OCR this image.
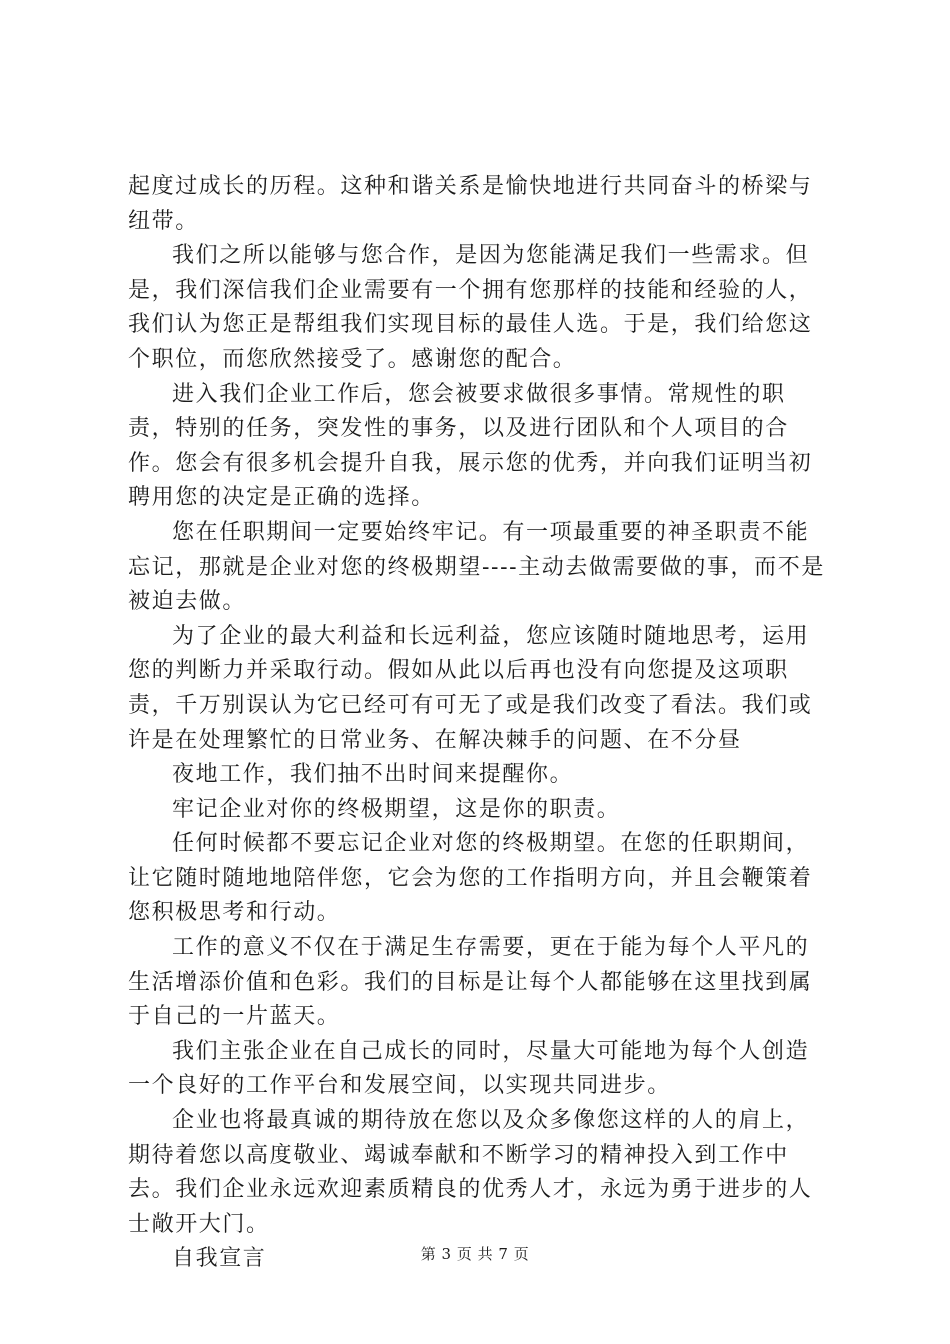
起度过成长的历程。这种和谐关系是愉快地进行共同奋斗的桥梁与纽带。

我们之所以能够与您合作，是因为您能满足我们一些需求。但是，我们深信我们企业需要有一个拥有您那样的技能和经验的人，我们认为您正是帮组我们实现目标的最佳人选。于是，我们给您这个职位，而您欣然接受了。感谢您的配合。

进入我们企业工作后，您会被要求做很多事情。常规性的职责，特别的任务，突发性的事务，以及进行团队和个人项目的合作。您会有很多机会提升自我，展示您的优秀，并向我们证明当初聘用您的决定是正确的选择。

您在任职期间一定要始终牢记。有一项最重要的神圣职责不能忘记，那就是企业对您的终极期望----主动去做需要做的事，而不是被迫去做。

为了企业的最大利益和长远利益，您应该随时随地思考，运用您的判断力并采取行动。假如从此以后再也没有向您提及这项职责，千万别误认为它已经可有可无了或是我们改变了看法。我们或许是在处理繁忙的日常业务、在解决棘手的问题、在不分昼

夜地工作，我们抽不出时间来提醒你。

牢记企业对你的终极期望，这是你的职责。

任何时候都不要忘记企业对您的终极期望。在您的任职期间，让它随时随地地陪伴您，它会为您的工作指明方向，并且会鞭策着您积极思考和行动。

工作的意义不仅在于满足生存需要，更在于能为每个人平凡的生活增添价值和色彩。我们的目标是让每个人都能够在这里找到属于自己的一片蓝天。

我们主张企业在自己成长的同时，尽量大可能地为每个人创造一个良好的工作平台和发展空间，以实现共同进步。

企业也将最真诚的期待放在您以及众多像您这样的人的肩上，期待着您以高度敬业、竭诚奉献和不断学习的精神投入到工作中去。我们企业永远欢迎素质精良的优秀人才，永远为勇于进步的人士敞开大门。

自我宣言	第 3 页 共 7 页
